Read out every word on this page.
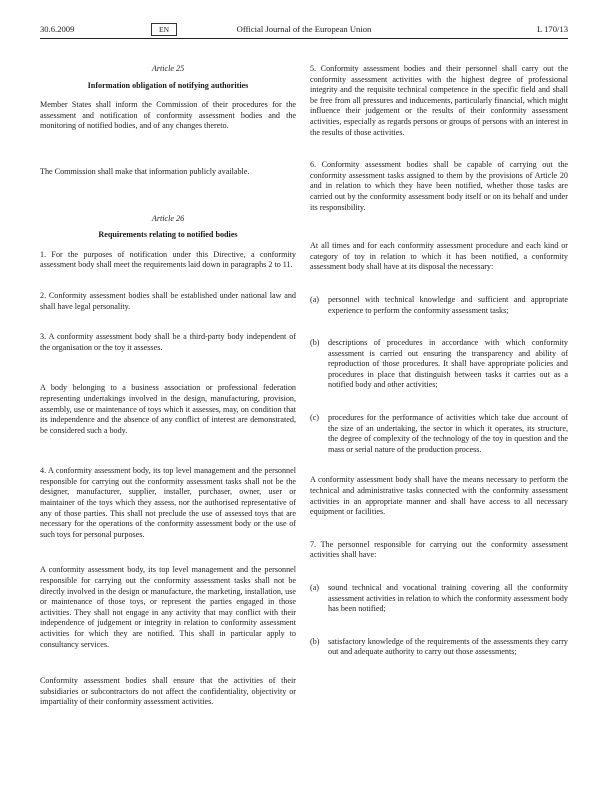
30.6.2009	EN	Official Journal of the European Union	L 170/13

Article 25

Information obligation of notifying authorities

Member States shall inform the Commission of their procedures for the assessment and notification of conformity assessment bodies and the monitoring of notified bodies, and of any changes thereto.

The Commission shall make that information publicly available.

Article 26

Requirements relating to notified bodies

1. For the purposes of notification under this Directive, a conformity assessment body shall meet the requirements laid down in paragraphs 2 to 11.

2. Conformity assessment bodies shall be established under national law and shall have legal personality.

3. A conformity assessment body shall be a third-party body independent of the organisation or the toy it assesses.

A body belonging to a business association or professional federation representing undertakings involved in the design, manufacturing, provision, assembly, use or maintenance of toys which it assesses, may, on condition that its independence and the absence of any conflict of interest are demonstrated, be considered such a body.

4. A conformity assessment body, its top level management and the personnel responsible for carrying out the conformity assessment tasks shall not be the designer, manufacturer, supplier, installer, purchaser, owner, user or maintainer of the toys which they assess, nor the authorised representative of any of those parties. This shall not preclude the use of assessed toys that are necessary for the operations of the conformity assessment body or the use of such toys for personal purposes.

A conformity assessment body, its top level management and the personnel responsible for carrying out the conformity assessment tasks shall not be directly involved in the design or manufacture, the marketing, installation, use or maintenance of those toys, or represent the parties engaged in those activities. They shall not engage in any activity that may conflict with their independence of judgement or integrity in relation to conformity assessment activities for which they are notified. This shall in particular apply to consultancy services.

Conformity assessment bodies shall ensure that the activities of their subsidiaries or subcontractors do not affect the confidentiality, objectivity or impartiality of their conformity assessment activities.

5. Conformity assessment bodies and their personnel shall carry out the conformity assessment activities with the highest degree of professional integrity and the requisite technical competence in the specific field and shall be free from all pressures and inducements, particularly financial, which might influence their judgement or the results of their conformity assessment activities, especially as regards persons or groups of persons with an interest in the results of those activities.

6. Conformity assessment bodies shall be capable of carrying out the conformity assessment tasks assigned to them by the provisions of Article 20 and in relation to which they have been notified, whether those tasks are carried out by the conformity assessment body itself or on its behalf and under its responsibility.

At all times and for each conformity assessment procedure and each kind or category of toy in relation to which it has been notified, a conformity assessment body shall have at its disposal the necessary:

(a)	personnel with technical knowledge and sufficient and appropriate experience to perform the conformity assessment tasks;
(b)	descriptions of procedures in accordance with which conformity assessment is carried out ensuring the transparency and ability of reproduction of those procedures. It shall have appropriate policies and procedures in place that distinguish between tasks it carries out as a notified body and other activities;
(c)	procedures for the performance of activities which take due account of the size of an undertaking, the sector in which it operates, its structure, the degree of complexity of the technology of the toy in question and the mass or serial nature of the production process.

A conformity assessment body shall have the means necessary to perform the technical and administrative tasks connected with the conformity assessment activities in an appropriate manner and shall have access to all necessary equipment or facilities.

7. The personnel responsible for carrying out the conformity assessment activities shall have:

(a)	sound technical and vocational training covering all the conformity assessment activities in relation to which the conformity assessment body has been notified;
(b)	satisfactory knowledge of the requirements of the assessments they carry out and adequate authority to carry out those assessments;
